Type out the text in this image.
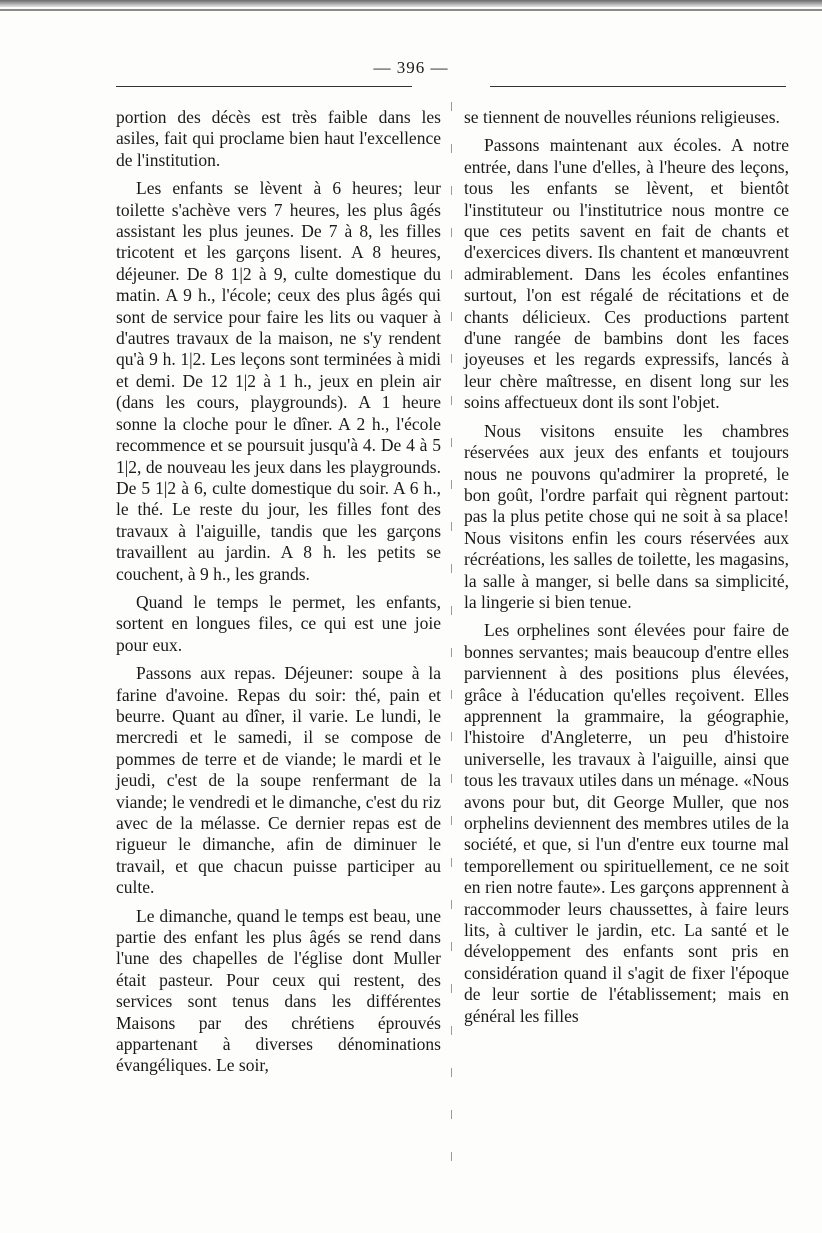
— 396 —

portion des décès est très faible dans les asiles, fait qui proclame bien haut l'excellence de l'institution.

Les enfants se lèvent à 6 heures; leur toilette s'achève vers 7 heures, les plus âgés assistant les plus jeunes. De 7 à 8, les filles tricotent et les garçons lisent. A 8 heures, déjeuner. De 8 1|2 à 9, culte domestique du matin. A 9 h., l'école; ceux des plus âgés qui sont de service pour faire les lits ou vaquer à d'autres travaux de la maison, ne s'y rendent qu'à 9 h. 1|2. Les leçons sont terminées à midi et demi. De 12 1|2 à 1 h., jeux en plein air (dans les cours, playgrounds). A 1 heure sonne la cloche pour le dîner. A 2 h., l'école recommence et se poursuit jusqu'à 4. De 4 à 5 1|2, de nouveau les jeux dans les playgrounds. De 5 1|2 à 6, culte domestique du soir. A 6 h., le thé. Le reste du jour, les filles font des travaux à l'aiguille, tandis que les garçons travaillent au jardin. A 8 h. les petits se couchent, à 9 h., les grands.

Quand le temps le permet, les enfants, sortent en longues files, ce qui est une joie pour eux.

Passons aux repas. Déjeuner: soupe à la farine d'avoine. Repas du soir: thé, pain et beurre. Quant au dîner, il varie. Le lundi, le mercredi et le samedi, il se compose de pommes de terre et de viande; le mardi et le jeudi, c'est de la soupe renfermant de la viande; le vendredi et le dimanche, c'est du riz avec de la mélasse. Ce dernier repas est de rigueur le dimanche, afin de diminuer le travail, et que chacun puisse participer au culte.

Le dimanche, quand le temps est beau, une partie des enfant les plus âgés se rend dans l'une des chapelles de l'église dont Muller était pasteur. Pour ceux qui restent, des services sont tenus dans les différentes Maisons par des chrétiens éprouvés appartenant à diverses dénominations évangéliques. Le soir,

se tiennent de nouvelles réunions religieuses.

Passons maintenant aux écoles. A notre entrée, dans l'une d'elles, à l'heure des leçons, tous les enfants se lèvent, et bientôt l'instituteur ou l'institutrice nous montre ce que ces petits savent en fait de chants et d'exercices divers. Ils chantent et manœuvrent admirablement. Dans les écoles enfantines surtout, l'on est régalé de récitations et de chants délicieux. Ces productions partent d'une rangée de bambins dont les faces joyeuses et les regards expressifs, lancés à leur chère maîtresse, en disent long sur les soins affectueux dont ils sont l'objet.

Nous visitons ensuite les chambres réservées aux jeux des enfants et toujours nous ne pouvons qu'admirer la propreté, le bon goût, l'ordre parfait qui règnent partout: pas la plus petite chose qui ne soit à sa place! Nous visitons enfin les cours réservées aux récréations, les salles de toilette, les magasins, la salle à manger, si belle dans sa simplicité, la lingerie si bien tenue.

Les orphelines sont élevées pour faire de bonnes servantes; mais beaucoup d'entre elles parviennent à des positions plus élevées, grâce à l'éducation qu'elles reçoivent. Elles apprennent la grammaire, la géographie, l'histoire d'Angleterre, un peu d'histoire universelle, les travaux à l'aiguille, ainsi que tous les travaux utiles dans un ménage. «Nous avons pour but, dit George Muller, que nos orphelins deviennent des membres utiles de la société, et que, si l'un d'entre eux tourne mal temporellement ou spirituellement, ce ne soit en rien notre faute». Les garçons apprennent à raccommoder leurs chaussettes, à faire leurs lits, à cultiver le jardin, etc. La santé et le développement des enfants sont pris en considération quand il s'agit de fixer l'époque de leur sortie de l'établissement; mais en général les filles
